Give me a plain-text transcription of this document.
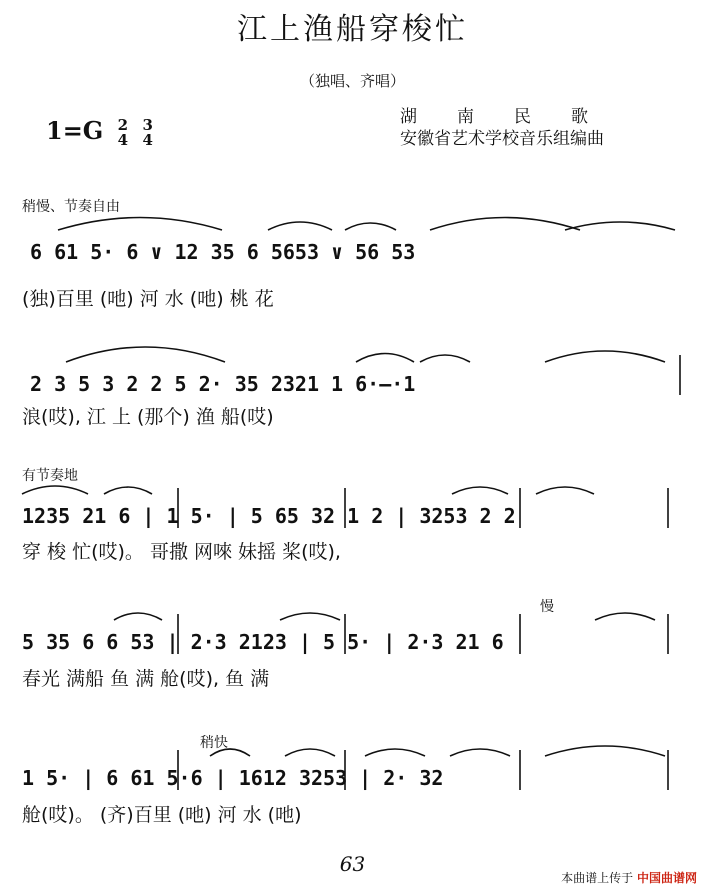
江上渔船穿梭忙
（独唱、齐唱）
1=G 2
4

3
4
湖南民歌
安徽省艺术学校音乐组编曲
稍慢、节奏自由
6 61 5· 6 ∨ 12 35 6 5653 ∨ 56 53
(独)百里 (吔) 河 水 (吔) 桃 花
2 3 5 3 2 2 5 2· 35 2321 1 6·—·1
浪(哎), 江 上 (那个) 渔 船(哎)
有节奏地
1235 21 6 | 1 5· | 5 65 32 1 2 | 3253 2 2
穿 梭 忙(哎)。 哥撒 网唻 妹摇 桨(哎),
慢
5 35 6 6 53 | 2·3 2123 | 5 5· | 2·3 21 6
春光 满船 鱼 满 舱(哎), 鱼 满
稍快
1 5· | 6 61 5·6 | 1612 3253 | 2· 32
舱(哎)。 (齐)百里 (吔) 河 水 (吔)
63
本曲谱上传于 中国曲谱网
